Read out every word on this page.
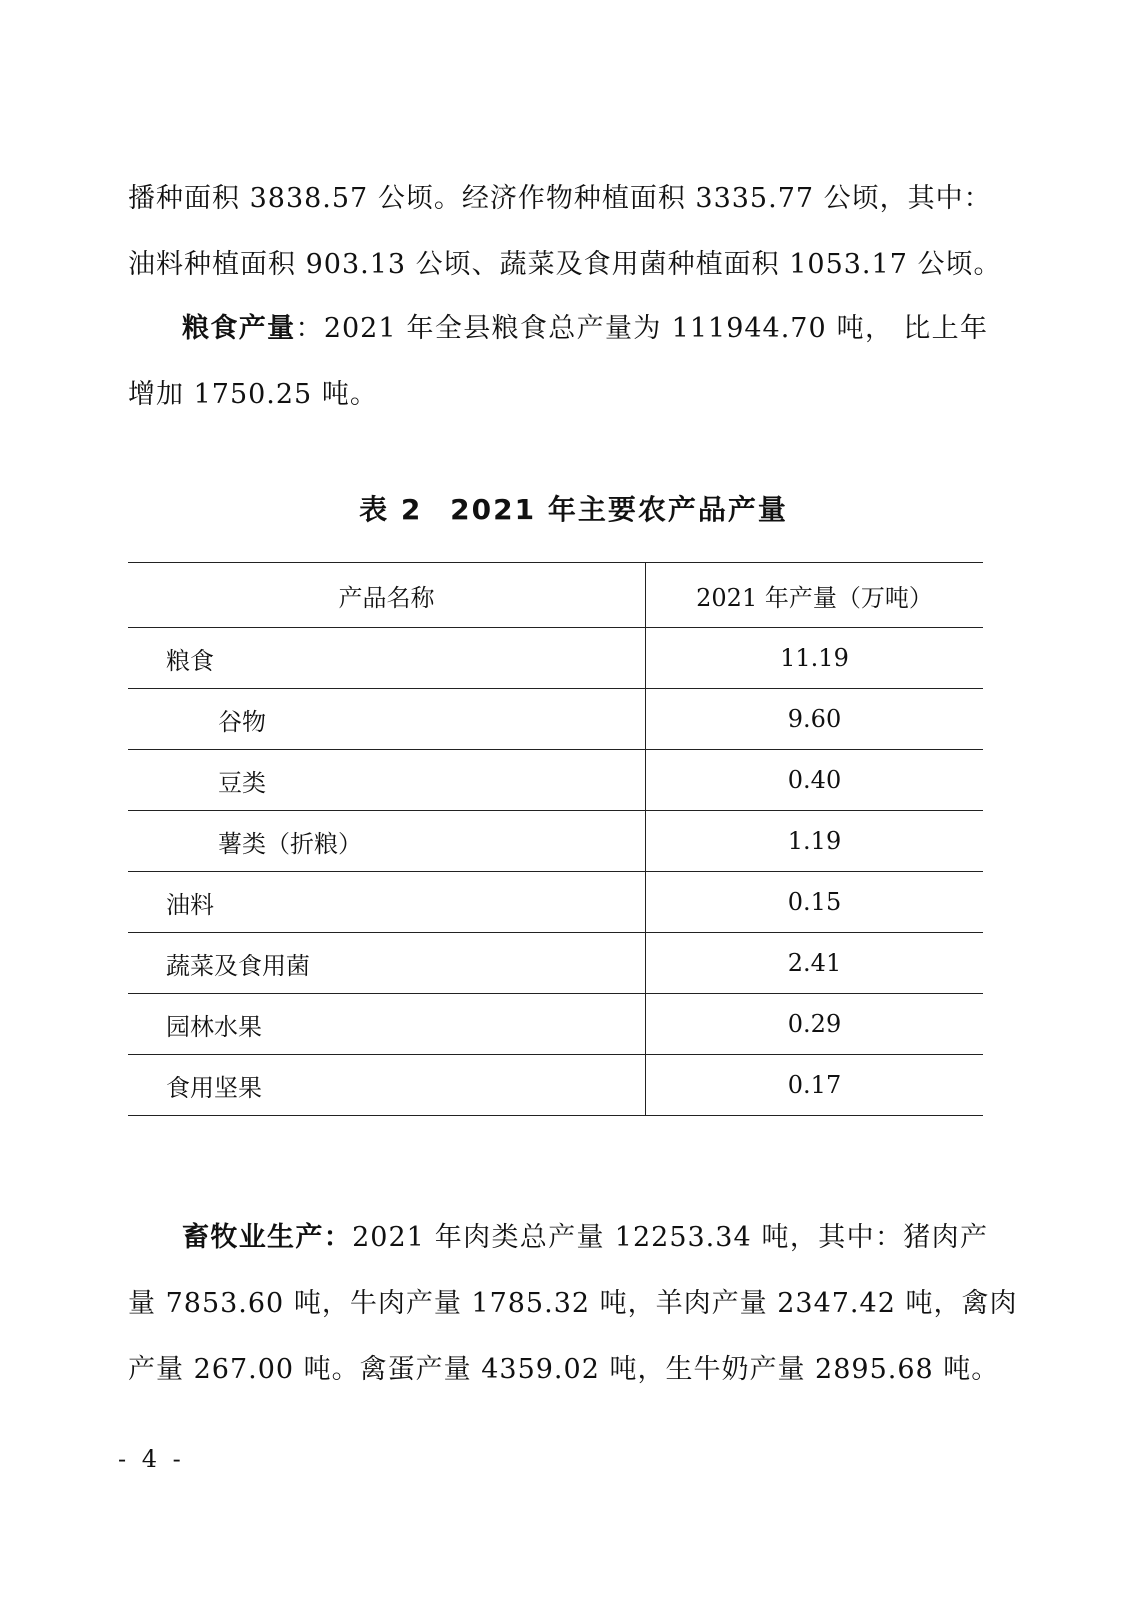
播种面积 3838.57 公顷。经济作物种植面积 3335.77 公顷，其中：
油料种植面积 903.13 公顷、蔬菜及食用菌种植面积 1053.17 公顷。
粮食产量：2021 年全县粮食总产量为 111944.70 吨， 比上年
增加 1750.25 吨。
表 2 2021 年主要农产品产量
产品名称	2021 年产量（万吨）
粮食	11.19
谷物	9.60
豆类	0.40
薯类（折粮）	1.19
油料	0.15
蔬菜及食用菌	2.41
园林水果	0.29
食用坚果	0.17
畜牧业生产：2021 年肉类总产量 12253.34 吨，其中：猪肉产
量 7853.60 吨，牛肉产量 1785.32 吨，羊肉产量 2347.42 吨，禽肉
产量 267.00 吨。禽蛋产量 4359.02 吨，生牛奶产量 2895.68 吨。
- 4 -
